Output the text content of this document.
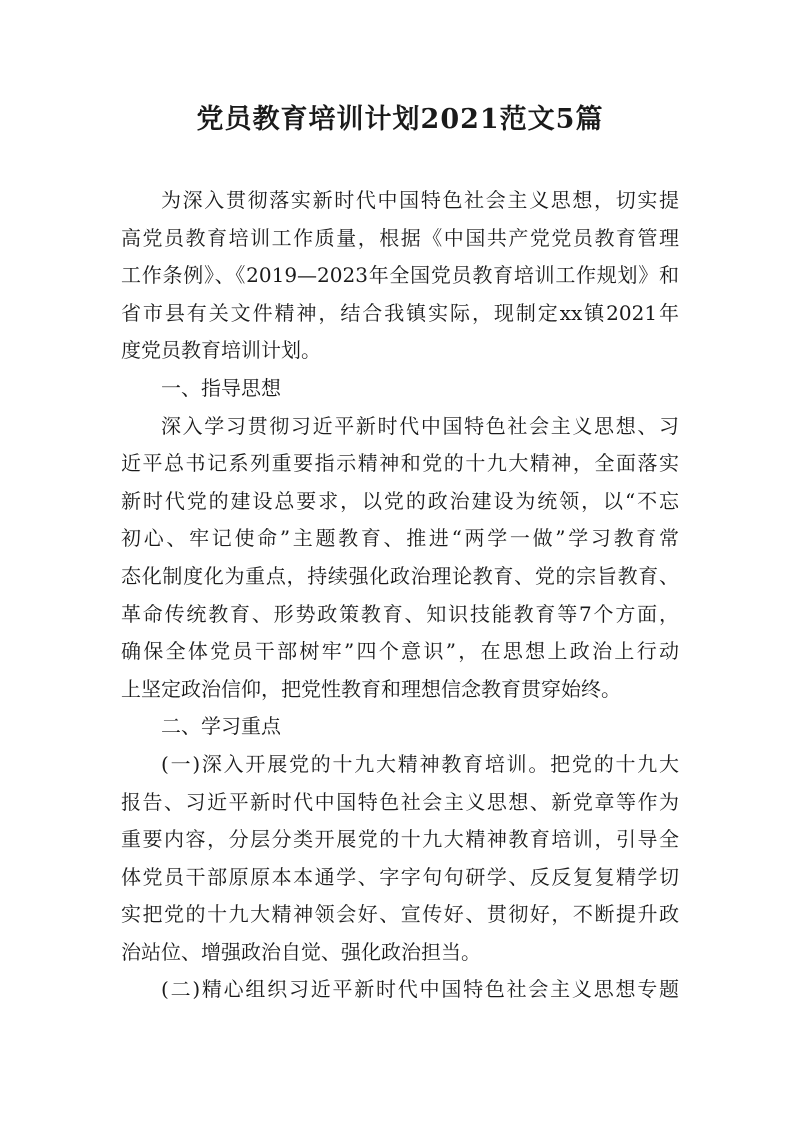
党员教育培训计划2021范文5篇
为深入贯彻落实新时代中国特色社会主义思想，切实提
高党员教育培训工作质量，根据《中国共产党党员教育管理
工作条例》、《2019—2023年全国党员教育培训工作规划》和
省市县有关文件精神，结合我镇实际，现制定xx镇2021年
度党员教育培训计划。
一、指导思想
深入学习贯彻习近平新时代中国特色社会主义思想、习
近平总书记系列重要指示精神和党的十九大精神，全面落实
新时代党的建设总要求，以党的政治建设为统领，以“不忘
初心、牢记使命”主题教育、推进“两学一做”学习教育常
态化制度化为重点，持续强化政治理论教育、党的宗旨教育、
革命传统教育、形势政策教育、知识技能教育等7个方面，
确保全体党员干部树牢”四个意识”，在思想上政治上行动
上坚定政治信仰，把党性教育和理想信念教育贯穿始终。
二、学习重点
(一)深入开展党的十九大精神教育培训。把党的十九大
报告、习近平新时代中国特色社会主义思想、新党章等作为
重要内容，分层分类开展党的十九大精神教育培训，引导全
体党员干部原原本本通学、字字句句研学、反反复复精学切
实把党的十九大精神领会好、宣传好、贯彻好，不断提升政
治站位、增强政治自觉、强化政治担当。
(二)精心组织习近平新时代中国特色社会主义思想专题
